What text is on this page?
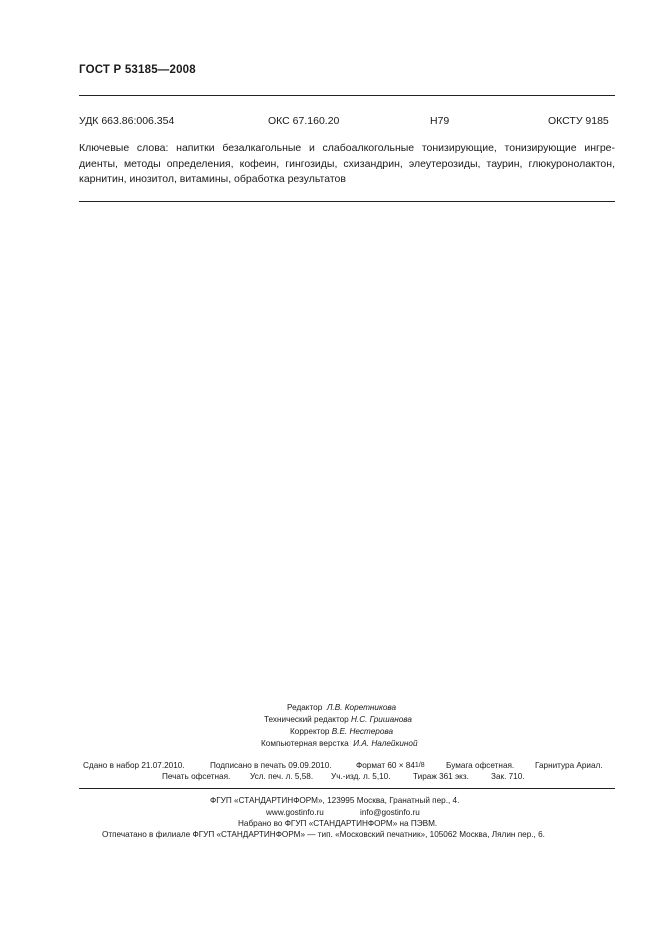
ГОСТ Р 53185—2008
УДК 663.86:006.354	ОКС 67.160.20	Н79	ОКСТУ 9185
Ключевые слова: напитки безалкагольные и слабоалкогольные тонизирующие, тонизирующие ингре-диенты, методы определения, кофеин, гингозиды, схизандрин, элеутерозиды, таурин, глюкуронолактон, карнитин, инозитол, витамины, обработка результатов
Редактор Л.В. Коретникова
Технический редактор Н.С. Гришанова
Корректор В.Е. Нестерова
Компьютерная верстка И.А. Налейкиной
Сдано в набор 21.07.2010.	Подписано в печать 09.09.2010.	Формат 60 × 841/8	Бумага офсетная.	Гарнитура Ариал.
Печать офсетная. Усл. печ. л. 5,58. Уч.-изд. л. 5,10.	Тираж 361 экз.	Зак. 710.
ФГУП «СТАНДАРТИНФОРМ», 123995 Москва, Гранатный пер., 4.
www.gostinfo.ru	info@gostinfo.ru
Набрано во ФГУП «СТАНДАРТИНФОРМ» на ПЭВМ.
Отпечатано в филиале ФГУП «СТАНДАРТИНФОРМ» — тип. «Московский печатник», 105062 Москва, Лялин пер., 6.
